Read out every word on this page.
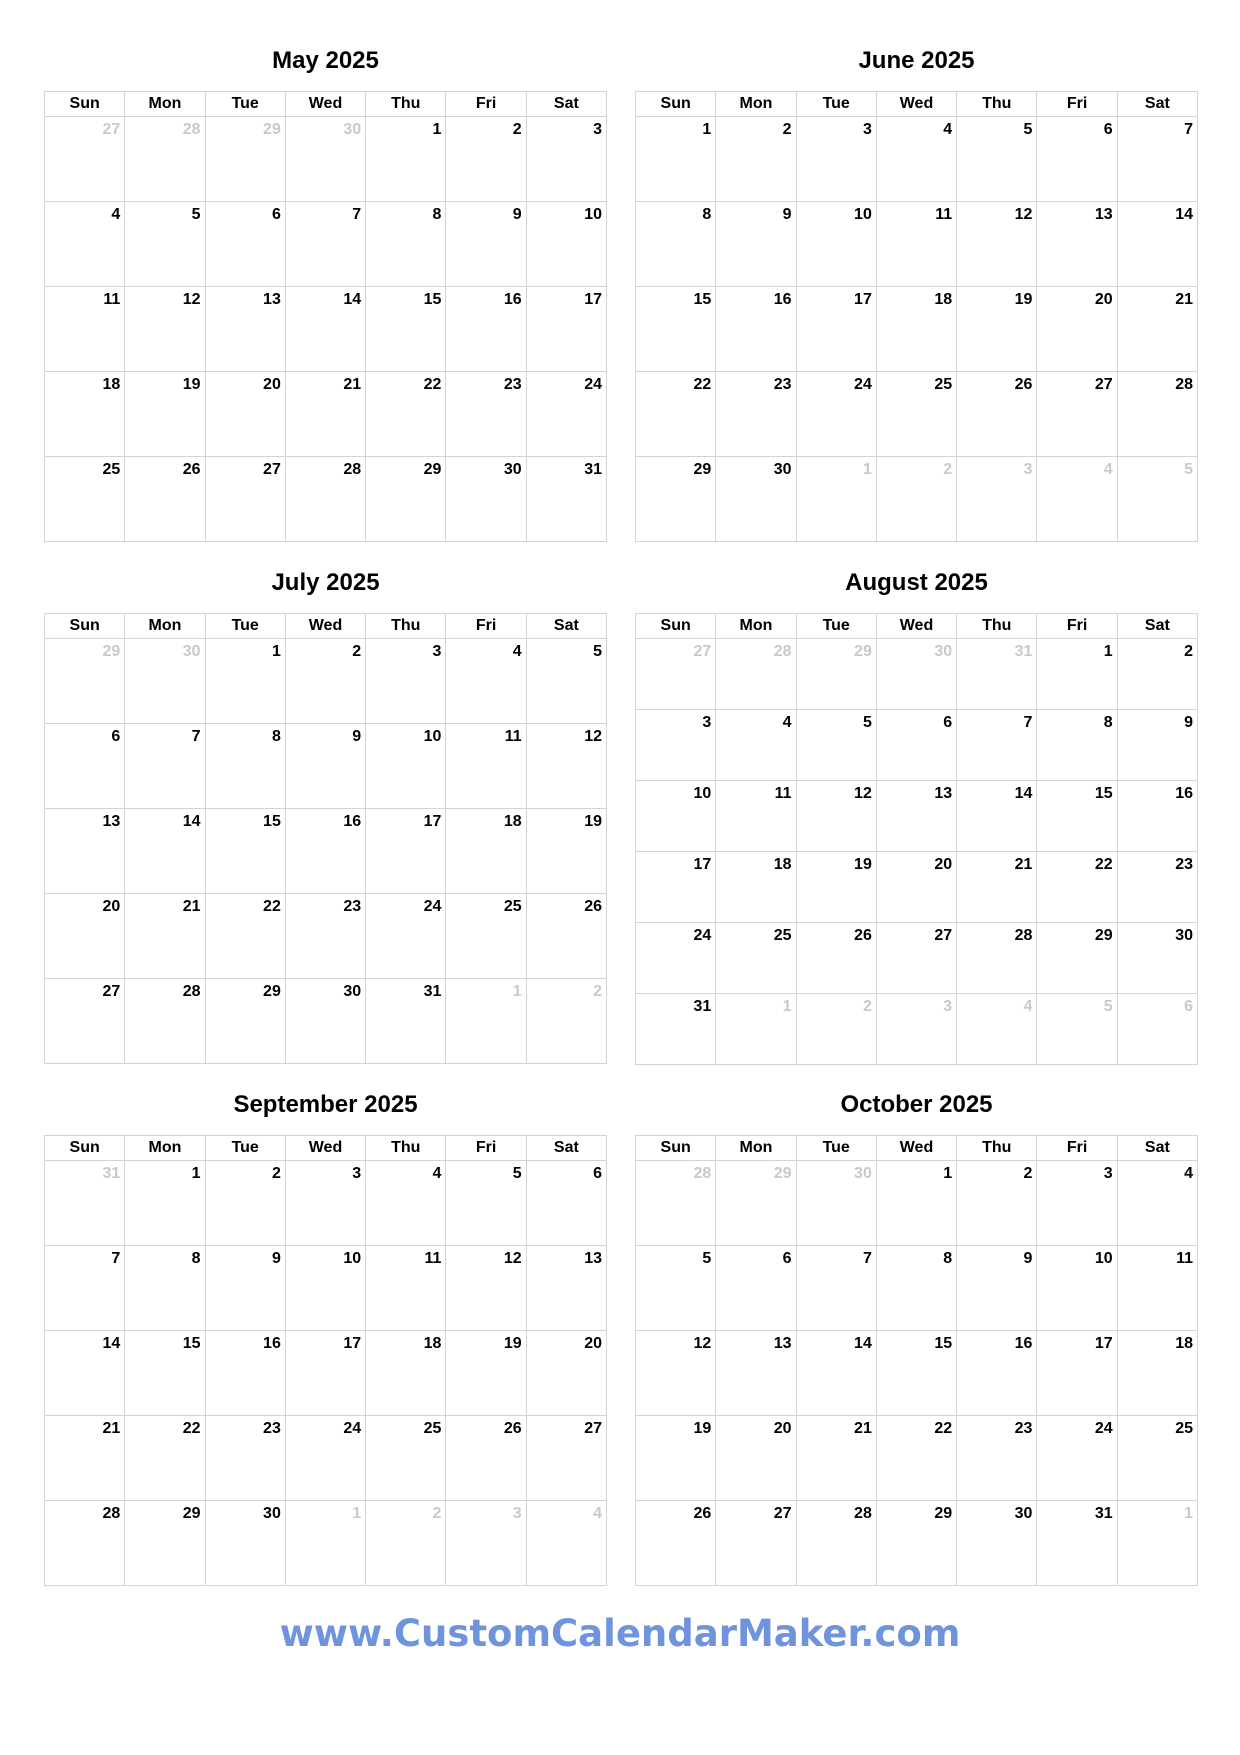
May 2025
Sun	Mon	Tue	Wed	Thu	Fri	Sat
27	28	29	30	1	2	3
4	5	6	7	8	9	10
11	12	13	14	15	16	17
18	19	20	21	22	23	24
25	26	27	28	29	30	31
June 2025
Sun	Mon	Tue	Wed	Thu	Fri	Sat
1	2	3	4	5	6	7
8	9	10	11	12	13	14
15	16	17	18	19	20	21
22	23	24	25	26	27	28
29	30	1	2	3	4	5
July 2025
Sun	Mon	Tue	Wed	Thu	Fri	Sat
29	30	1	2	3	4	5
6	7	8	9	10	11	12
13	14	15	16	17	18	19
20	21	22	23	24	25	26
27	28	29	30	31	1	2
August 2025
Sun	Mon	Tue	Wed	Thu	Fri	Sat
27	28	29	30	31	1	2
3	4	5	6	7	8	9
10	11	12	13	14	15	16
17	18	19	20	21	22	23
24	25	26	27	28	29	30
31	1	2	3	4	5	6
September 2025
Sun	Mon	Tue	Wed	Thu	Fri	Sat
31	1	2	3	4	5	6
7	8	9	10	11	12	13
14	15	16	17	18	19	20
21	22	23	24	25	26	27
28	29	30	1	2	3	4
October 2025
Sun	Mon	Tue	Wed	Thu	Fri	Sat
28	29	30	1	2	3	4
5	6	7	8	9	10	11
12	13	14	15	16	17	18
19	20	21	22	23	24	25
26	27	28	29	30	31	1
www.CustomCalendarMaker.com
